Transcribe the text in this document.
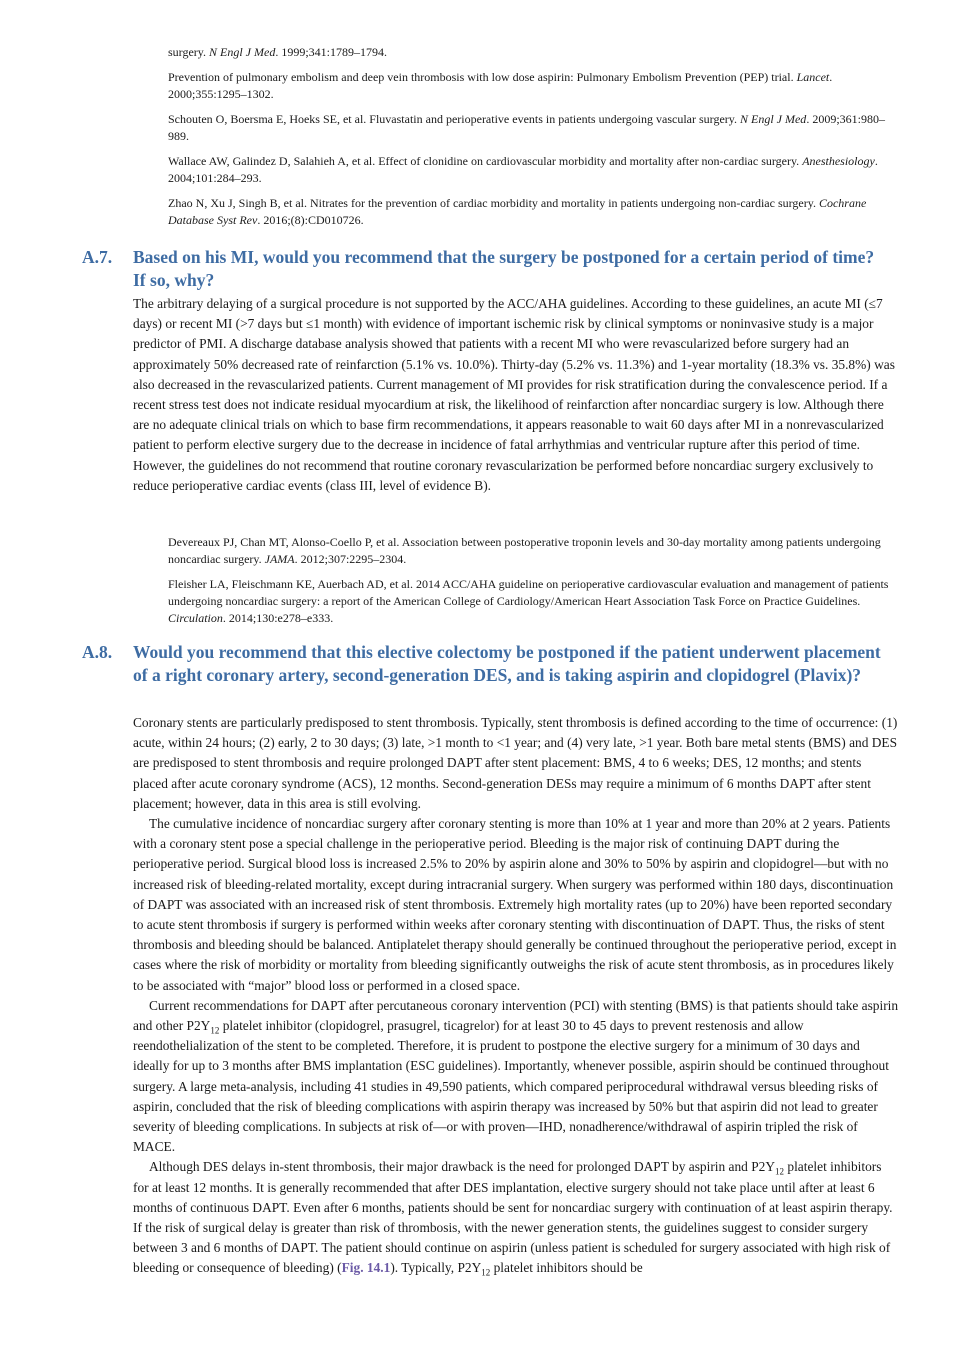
surgery. N Engl J Med. 1999;341:1789–1794.

Prevention of pulmonary embolism and deep vein thrombosis with low dose aspirin: Pulmonary Embolism Prevention (PEP) trial. Lancet. 2000;355:1295–1302.

Schouten O, Boersma E, Hoeks SE, et al. Fluvastatin and perioperative events in patients undergoing vascular surgery. N Engl J Med. 2009;361:980–989.

Wallace AW, Galindez D, Salahieh A, et al. Effect of clonidine on cardiovascular morbidity and mortality after non-cardiac surgery. Anesthesiology. 2004;101:284–293.

Zhao N, Xu J, Singh B, et al. Nitrates for the prevention of cardiac morbidity and mortality in patients undergoing non-cardiac surgery. Cochrane Database Syst Rev. 2016;(8):CD010726.

A.7. Based on his MI, would you recommend that the surgery be postponed for a certain period of time? If so, why?

The arbitrary delaying of a surgical procedure is not supported by the ACC/AHA guidelines. According to these guidelines, an acute MI (≤7 days) or recent MI (>7 days but ≤1 month) with evidence of important ischemic risk by clinical symptoms or noninvasive study is a major predictor of PMI. A discharge database analysis showed that patients with a recent MI who were revascularized before surgery had an approximately 50% decreased rate of reinfarction (5.1% vs. 10.0%). Thirty-day (5.2% vs. 11.3%) and 1-year mortality (18.3% vs. 35.8%) was also decreased in the revascularized patients. Current management of MI provides for risk stratification during the convalescence period. If a recent stress test does not indicate residual myocardium at risk, the likelihood of reinfarction after noncardiac surgery is low. Although there are no adequate clinical trials on which to base firm recommendations, it appears reasonable to wait 60 days after MI in a nonrevascularized patient to perform elective surgery due to the decrease in incidence of fatal arrhythmias and ventricular rupture after this period of time. However, the guidelines do not recommend that routine coronary revascularization be performed before noncardiac surgery exclusively to reduce perioperative cardiac events (class III, level of evidence B).

Devereaux PJ, Chan MT, Alonso-Coello P, et al. Association between postoperative troponin levels and 30-day mortality among patients undergoing noncardiac surgery. JAMA. 2012;307:2295–2304.

Fleisher LA, Fleischmann KE, Auerbach AD, et al. 2014 ACC/AHA guideline on perioperative cardiovascular evaluation and management of patients undergoing noncardiac surgery: a report of the American College of Cardiology/American Heart Association Task Force on Practice Guidelines. Circulation. 2014;130:e278–e333.

A.8. Would you recommend that this elective colectomy be postponed if the patient underwent placement of a right coronary artery, second-generation DES, and is taking aspirin and clopidogrel (Plavix)?

Coronary stents are particularly predisposed to stent thrombosis. Typically, stent thrombosis is defined according to the time of occurrence: (1) acute, within 24 hours; (2) early, 2 to 30 days; (3) late, >1 month to <1 year; and (4) very late, >1 year. Both bare metal stents (BMS) and DES are predisposed to stent thrombosis and require prolonged DAPT after stent placement: BMS, 4 to 6 weeks; DES, 12 months; and stents placed after acute coronary syndrome (ACS), 12 months. Second-generation DESs may require a minimum of 6 months DAPT after stent placement; however, data in this area is still evolving.

The cumulative incidence of noncardiac surgery after coronary stenting is more than 10% at 1 year and more than 20% at 2 years. Patients with a coronary stent pose a special challenge in the perioperative period. Bleeding is the major risk of continuing DAPT during the perioperative period. Surgical blood loss is increased 2.5% to 20% by aspirin alone and 30% to 50% by aspirin and clopidogrel—but with no increased risk of bleeding-related mortality, except during intracranial surgery. When surgery was performed within 180 days, discontinuation of DAPT was associated with an increased risk of stent thrombosis. Extremely high mortality rates (up to 20%) have been reported secondary to acute stent thrombosis if surgery is performed within weeks after coronary stenting with discontinuation of DAPT. Thus, the risks of stent thrombosis and bleeding should be balanced. Antiplatelet therapy should generally be continued throughout the perioperative period, except in cases where the risk of morbidity or mortality from bleeding significantly outweighs the risk of acute stent thrombosis, as in procedures likely to be associated with “major” blood loss or performed in a closed space.

Current recommendations for DAPT after percutaneous coronary intervention (PCI) with stenting (BMS) is that patients should take aspirin and other $P2Y_{12}$ platelet inhibitor (clopidogrel, prasugrel, ticagrelor) for at least 30 to 45 days to prevent restenosis and allow reendothelialization of the stent to be completed. Therefore, it is prudent to postpone the elective surgery for a minimum of 30 days and ideally for up to 3 months after BMS implantation (ESC guidelines). Importantly, whenever possible, aspirin should be continued throughout surgery. A large meta-analysis, including 41 studies in 49,590 patients, which compared periprocedural withdrawal versus bleeding risks of aspirin, concluded that the risk of bleeding complications with aspirin therapy was increased by 50% but that aspirin did not lead to greater severity of bleeding complications. In subjects at risk of—or with proven—IHD, nonadherence/withdrawal of aspirin tripled the risk of MACE.

Although DES delays in-stent thrombosis, their major drawback is the need for prolonged DAPT by aspirin and $P2Y_{12}$ platelet inhibitors for at least 12 months. It is generally recommended that after DES implantation, elective surgery should not take place until after at least 6 months of continuous DAPT. Even after 6 months, patients should be sent for noncardiac surgery with continuation of at least aspirin therapy. If the risk of surgical delay is greater than risk of thrombosis, with the newer generation stents, the guidelines suggest to consider surgery between 3 and 6 months of DAPT. The patient should continue on aspirin (unless patient is scheduled for surgery associated with high risk of bleeding or consequence of bleeding) (Fig. 14.1). Typically, $P2Y_{12}$ platelet inhibitors should be
